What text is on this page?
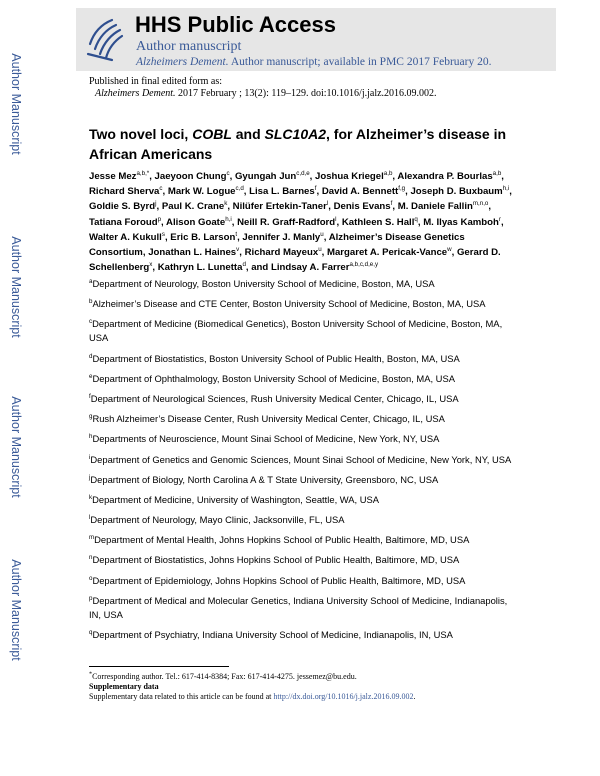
HHS Public Access
Author manuscript
Alzheimers Dement. Author manuscript; available in PMC 2017 February 20.
Author Manuscript
Author Manuscript
Author Manuscript
Author Manuscript
Published in final edited form as:
Alzheimers Dement. 2017 February ; 13(2): 119–129. doi:10.1016/j.jalz.2016.09.002.
Two novel loci, COBL and SLC10A2, for Alzheimer’s disease in African Americans
Jesse Mez$^{a,b,*}$, Jaeyoon Chung$^c$, Gyungah Jun$^{c,d,e}$, Joshua Kriegel$^{a,b}$, Alexandra P. Bourlas$^{a,b}$, Richard Sherva$^c$, Mark W. Logue$^{c,d}$, Lisa L. Barnes$^f$, David A. Bennett$^{f,g}$, Joseph D. Buxbaum$^{h,i}$, Goldie S. Byrd$^j$, Paul K. Crane$^k$, Nilüfer Ertekin-Taner$^l$, Denis Evans$^f$, M. Daniele Fallin$^{m,n,o}$, Tatiana Foroud$^p$, Alison Goate$^{h,i}$, Neill R. Graff-Radford$^l$, Kathleen S. Hall$^q$, M. Ilyas Kamboh$^r$, Walter A. Kukull$^s$, Eric B. Larson$^t$, Jennifer J. Manly$^u$, Alzheimer’s Disease Genetics Consortium, Jonathan L. Haines$^v$, Richard Mayeux$^u$, Margaret A. Pericak-Vance$^w$, Gerard D. Schellenberg$^x$, Kathryn L. Lunetta$^d$, and Lindsay A. Farrer$^{a,b,c,d,e,y}$
$^a$Department of Neurology, Boston University School of Medicine, Boston, MA, USA
$^b$Alzheimer’s Disease and CTE Center, Boston University School of Medicine, Boston, MA, USA
$^c$Department of Medicine (Biomedical Genetics), Boston University School of Medicine, Boston, MA, USA
$^d$Department of Biostatistics, Boston University School of Public Health, Boston, MA, USA
$^e$Department of Ophthalmology, Boston University School of Medicine, Boston, MA, USA
$^f$Department of Neurological Sciences, Rush University Medical Center, Chicago, IL, USA
$^g$Rush Alzheimer’s Disease Center, Rush University Medical Center, Chicago, IL, USA
$^h$Departments of Neuroscience, Mount Sinai School of Medicine, New York, NY, USA
$^i$Department of Genetics and Genomic Sciences, Mount Sinai School of Medicine, New York, NY, USA
$^j$Department of Biology, North Carolina A & T State University, Greensboro, NC, USA
$^k$Department of Medicine, University of Washington, Seattle, WA, USA
$^l$Department of Neurology, Mayo Clinic, Jacksonville, FL, USA
$^m$Department of Mental Health, Johns Hopkins School of Public Health, Baltimore, MD, USA
$^n$Department of Biostatistics, Johns Hopkins School of Public Health, Baltimore, MD, USA
$^o$Department of Epidemiology, Johns Hopkins School of Public Health, Baltimore, MD, USA
$^p$Department of Medical and Molecular Genetics, Indiana University School of Medicine, Indianapolis, IN, USA
$^q$Department of Psychiatry, Indiana University School of Medicine, Indianapolis, IN, USA
*Corresponding author. Tel.: 617-414-8384; Fax: 617-414-4275. jessemez@bu.edu.
Supplementary data
Supplementary data related to this article can be found at http://dx.doi.org/10.1016/j.jalz.2016.09.002.
